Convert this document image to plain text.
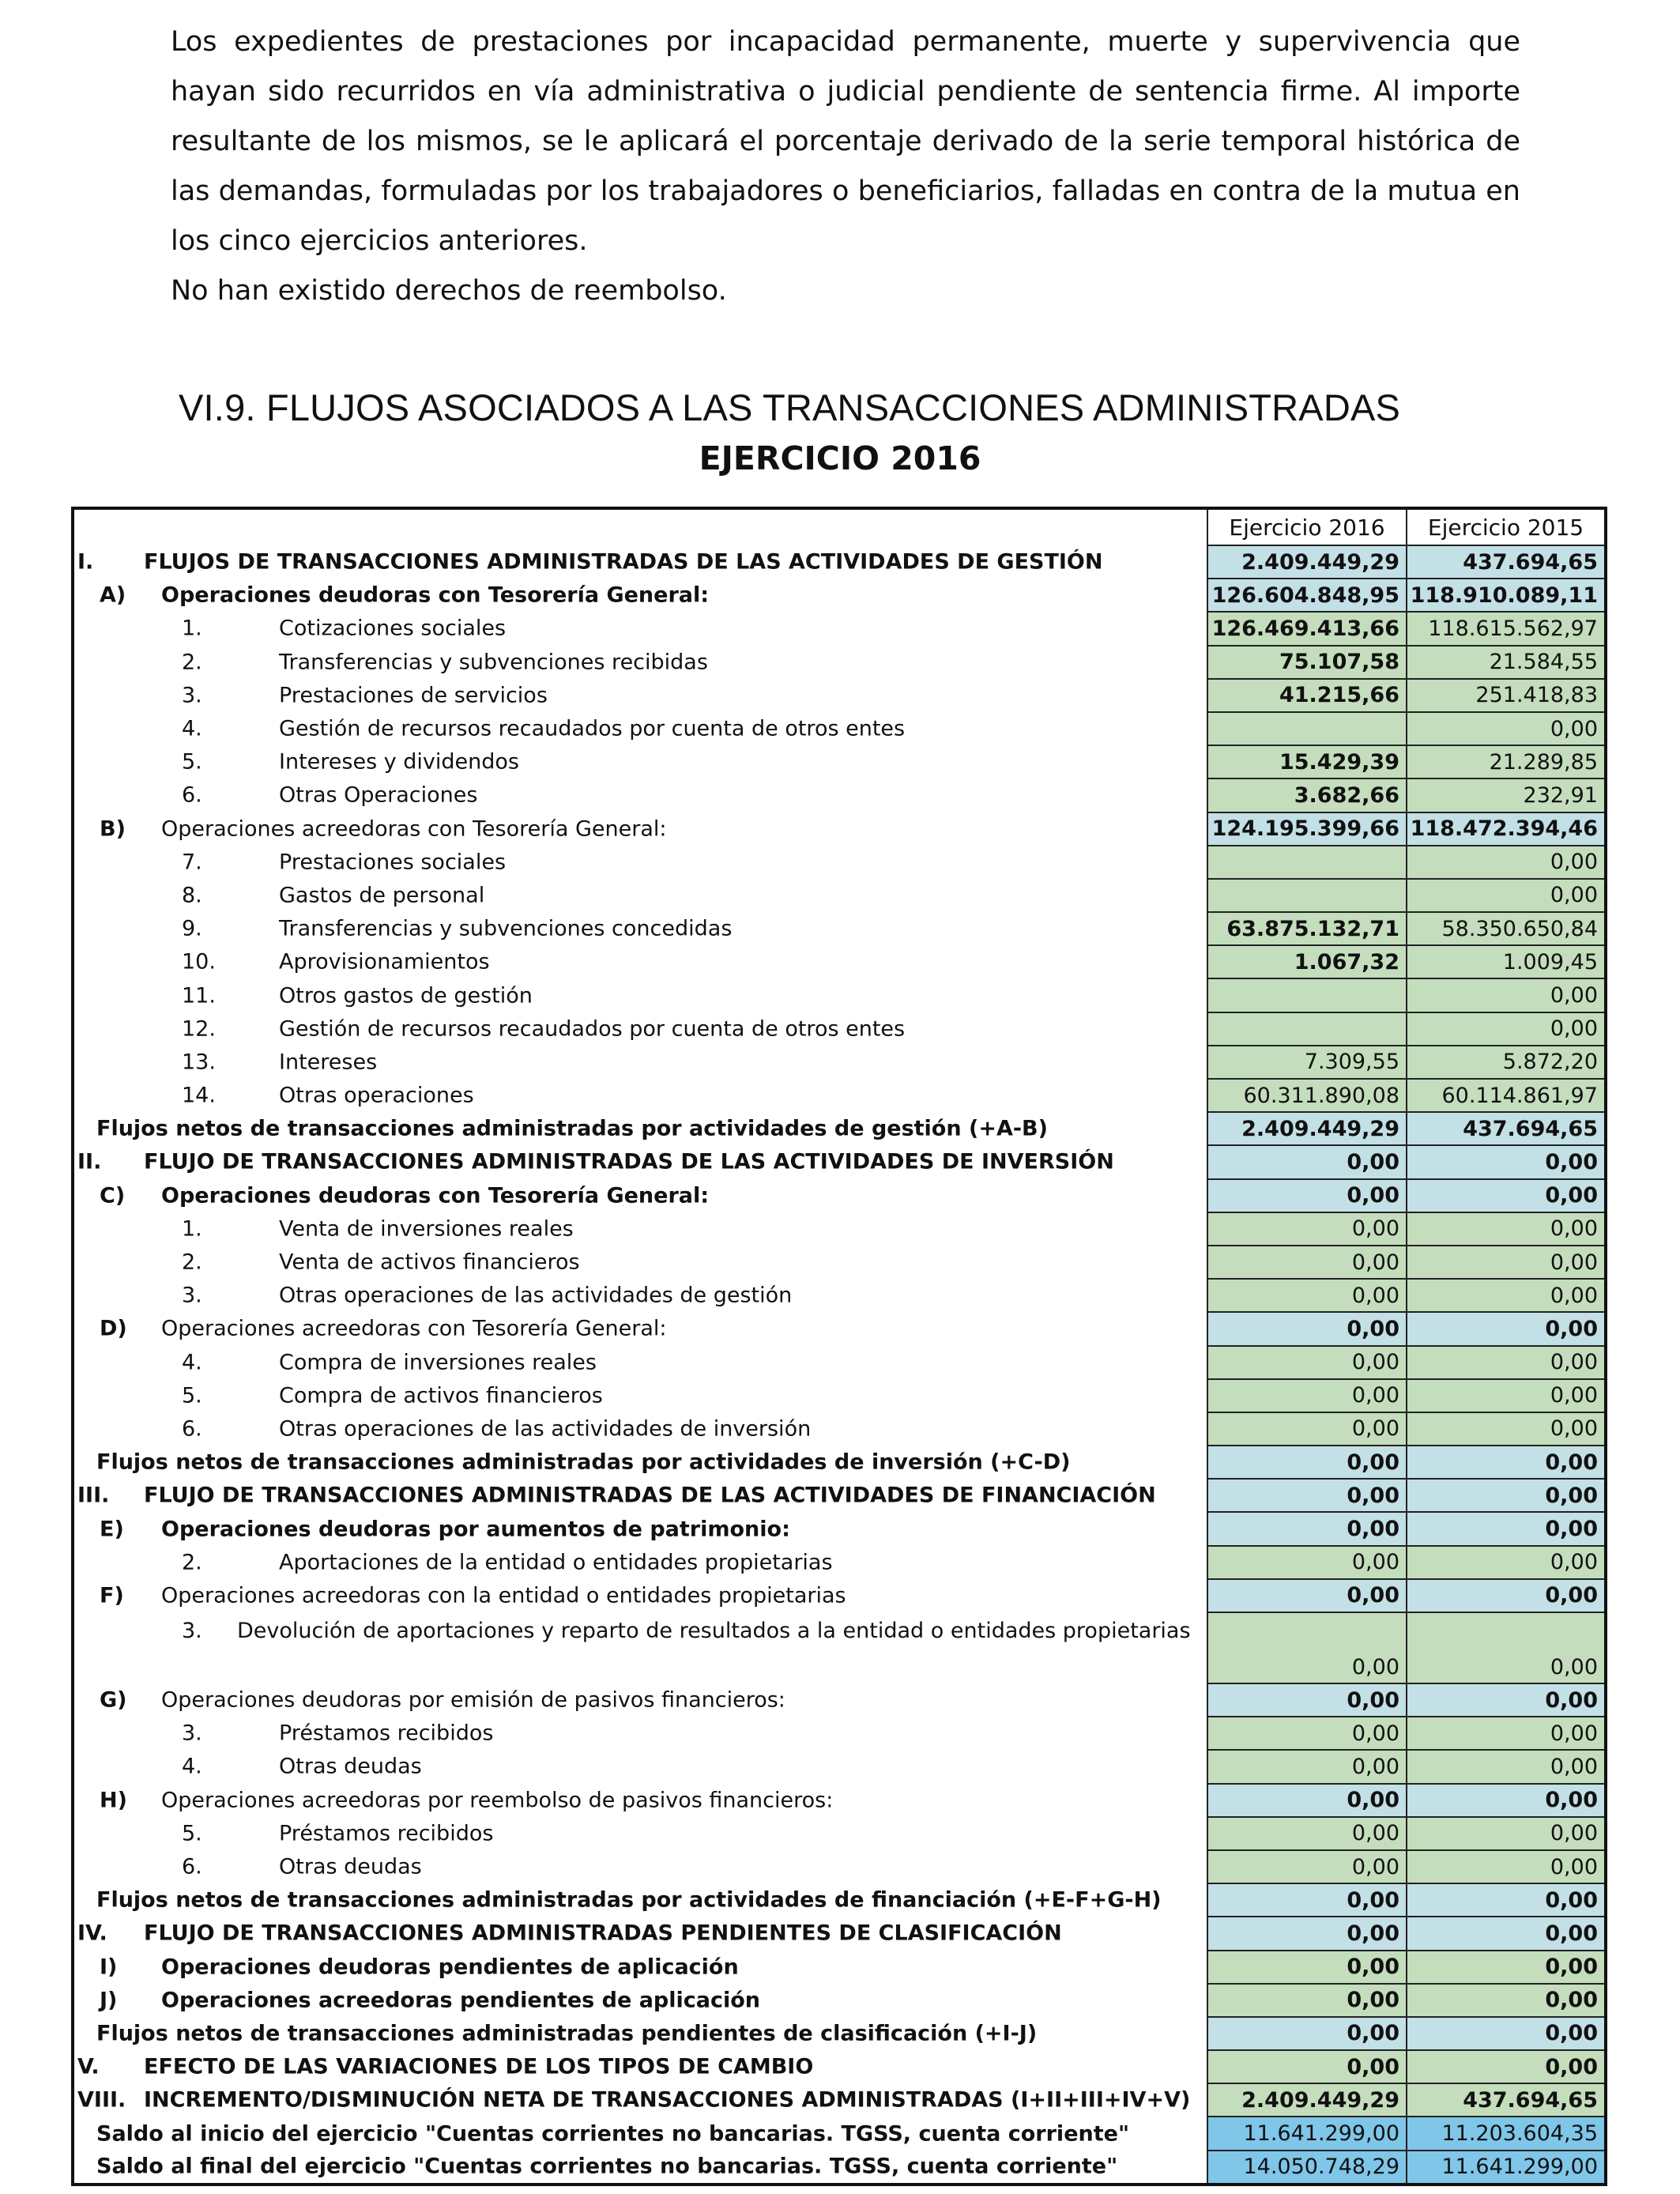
Los expedientes de prestaciones por incapacidad permanente, muerte y supervivencia que hayan sido recurridos en vía administrativa o judicial pendiente de sentencia firme. Al importe resultante de los mismos, se le aplicará el porcentaje derivado de la serie temporal histórica de las demandas, formuladas por los trabajadores o beneficiarios, falladas en contra de la mutua en los cinco ejercicios anteriores.

No han existido derechos de reembolso.

VI.9. FLUJOS ASOCIADOS A LAS TRANSACCIONES ADMINISTRADAS
EJERCICIO 2016
	Ejercicio 2016	Ejercicio 2015

I. FLUJOS DE TRANSACCIONES ADMINISTRADAS DE LAS ACTIVIDADES DE GESTIÓN	2.409.449,29	437.694,65

A) Operaciones deudoras con Tesorería General:	126.604.848,95	118.910.089,11

1. Cotizaciones sociales	126.469.413,66	118.615.562,97

2. Transferencias y subvenciones recibidas	75.107,58	21.584,55

3. Prestaciones de servicios	41.215,66	251.418,83

4. Gestión de recursos recaudados por cuenta de otros entes		0,00

5. Intereses y dividendos	15.429,39	21.289,85

6. Otras Operaciones	3.682,66	232,91

B) Operaciones acreedoras con Tesorería General:	124.195.399,66	118.472.394,46

7. Prestaciones sociales		0,00

8. Gastos de personal		0,00

9. Transferencias y subvenciones concedidas	63.875.132,71	58.350.650,84

10. Aprovisionamientos	1.067,32	1.009,45

11. Otros gastos de gestión		0,00

12. Gestión de recursos recaudados por cuenta de otros entes		0,00

13. Intereses	7.309,55	5.872,20

14. Otras operaciones	60.311.890,08	60.114.861,97

Flujos netos de transacciones administradas por actividades de gestión (+A-B)	2.409.449,29	437.694,65

II. FLUJO DE TRANSACCIONES ADMINISTRADAS DE LAS ACTIVIDADES DE INVERSIÓN	0,00	0,00

C) Operaciones deudoras con Tesorería General:	0,00	0,00

1. Venta de inversiones reales	0,00	0,00

2. Venta de activos financieros	0,00	0,00

3. Otras operaciones de las actividades de gestión	0,00	0,00

D) Operaciones acreedoras con Tesorería General:	0,00	0,00

4. Compra de inversiones reales	0,00	0,00

5. Compra de activos financieros	0,00	0,00

6. Otras operaciones de las actividades de inversión	0,00	0,00

Flujos netos de transacciones administradas por actividades de inversión (+C-D)	0,00	0,00

III. FLUJO DE TRANSACCIONES ADMINISTRADAS DE LAS ACTIVIDADES DE FINANCIACIÓN	0,00	0,00

E) Operaciones deudoras por aumentos de patrimonio:	0,00	0,00

2. Aportaciones de la entidad o entidades propietarias	0,00	0,00

F) Operaciones acreedoras con la entidad o entidades propietarias	0,00	0,00

3. Devolución de aportaciones y reparto de resultados a la entidad o entidades propietarias	0,00	0,00

G) Operaciones deudoras por emisión de pasivos financieros:	0,00	0,00

3. Préstamos recibidos	0,00	0,00

4. Otras deudas	0,00	0,00

H) Operaciones acreedoras por reembolso de pasivos financieros:	0,00	0,00

5. Préstamos recibidos	0,00	0,00

6. Otras deudas	0,00	0,00

Flujos netos de transacciones administradas por actividades de financiación (+E-F+G-H)	0,00	0,00

IV. FLUJO DE TRANSACCIONES ADMINISTRADAS PENDIENTES DE CLASIFICACIÓN	0,00	0,00

I) Operaciones deudoras pendientes de aplicación	0,00	0,00

J) Operaciones acreedoras pendientes de aplicación	0,00	0,00

Flujos netos de transacciones administradas pendientes de clasificación (+I-J)	0,00	0,00

V. EFECTO DE LAS VARIACIONES DE LOS TIPOS DE CAMBIO	0,00	0,00

VIII. INCREMENTO/DISMINUCIÓN NETA DE TRANSACCIONES ADMINISTRADAS (I+II+III+IV+V)	2.409.449,29	437.694,65

Saldo al inicio del ejercicio "Cuentas corrientes no bancarias. TGSS, cuenta corriente"	11.641.299,00	11.203.604,35

Saldo al final del ejercicio "Cuentas corrientes no bancarias. TGSS, cuenta corriente"	14.050.748,29	11.641.299,00
